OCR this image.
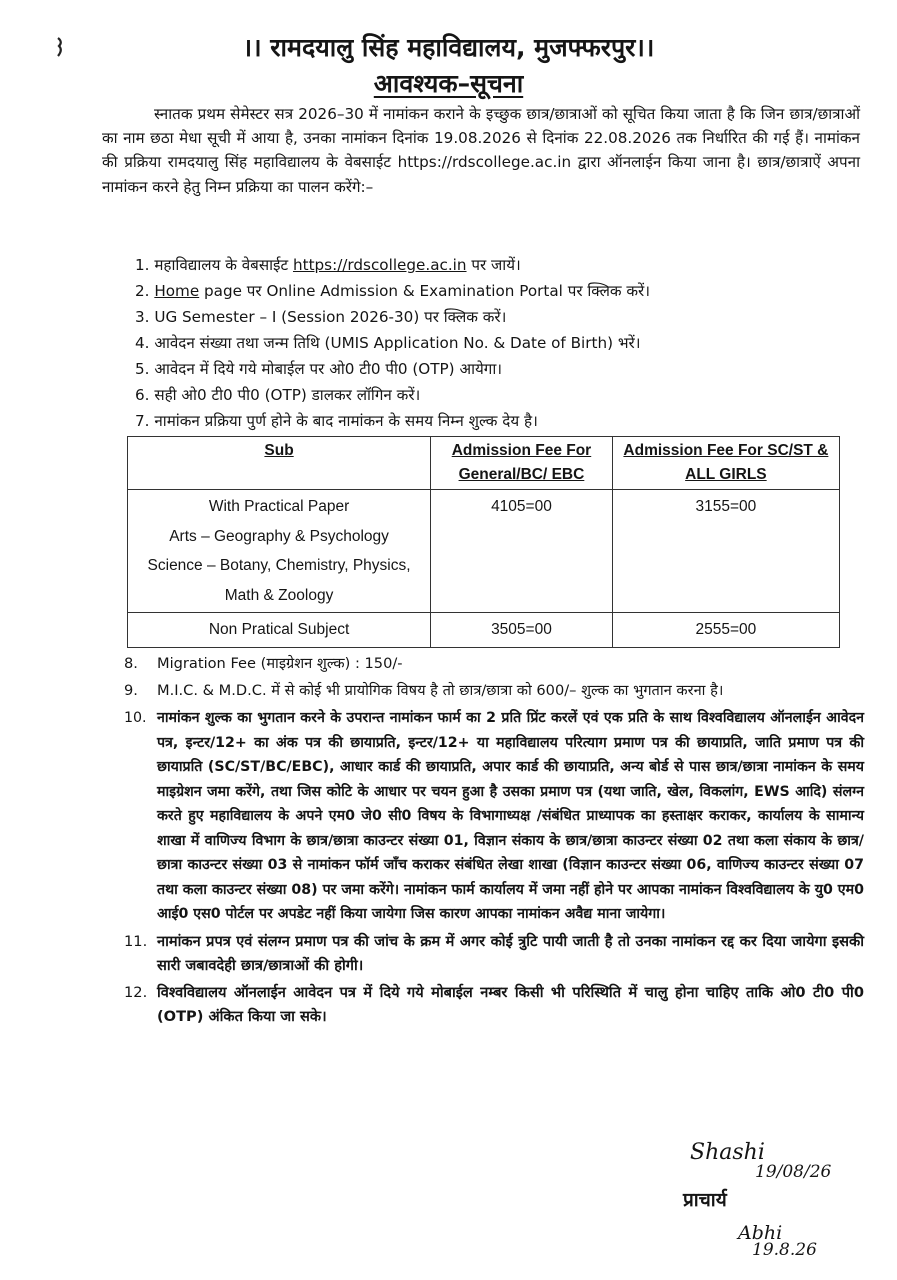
।। रामदयालु सिंह महाविद्यालय, मुजफ्फरपुर।।
आवश्यक–सूचना
स्नातक प्रथम सेमेस्टर सत्र 2026–30 में नामांकन कराने के इच्छुक छात्र/छात्राओं को सूचित किया जाता है कि जिन छात्र/छात्राओं का नाम छठा मेधा सूची में आया है, उनका नामांकन दिनांक 19.08.2026 से दिनांक 22.08.2026 तक निर्धारित की गई हैं। नामांकन की प्रक्रिया रामदयालु सिंह महाविद्यालय के वेबसाईट https://rdscollege.ac.in द्वारा ऑनलाईन किया जाना है। छात्र/छात्राऐं अपना नामांकन करने हेतु निम्न प्रक्रिया का पालन करेंगे:–
1. महाविद्यालय के वेबसाईट https://rdscollege.ac.in पर जायें।
2. Home page पर Online Admission & Examination Portal पर क्लिक करें।
3. UG Semester – I (Session 2026-30) पर क्लिक करें।
4. आवेदन संख्या तथा जन्म तिथि (UMIS Application No. & Date of Birth) भरें।
5. आवेदन में दिये गये मोबाईल पर ओ0 टी0 पी0 (OTP) आयेगा।
6. सही ओ0 टी0 पी0 (OTP) डालकर लॉगिन करें।
7. नामांकन प्रक्रिया पुर्ण होने के बाद नामांकन के समय निम्न शुल्क देय है।
Sub	Admission Fee For General/BC/ EBC	Admission Fee For SC/ST & ALL GIRLS

With Practical Paper
Arts – Geography & Psychology
Science – Botany, Chemistry, Physics,
Math & Zoology	4105=00	3155=00

Non Pratical Subject	3505=00	2555=00
8. Migration Fee (माइग्रेशन शुल्क) : 150/-
9. M.I.C. & M.D.C. में से कोई भी प्रायोगिक विषय है तो छात्र/छात्रा को 600/– शुल्क का भुगतान करना है।
10. नामांकन शुल्क का भुगतान करने के उपरान्त नामांकन फार्म का 2 प्रति प्रिंट करलें एवं एक प्रति के साथ विश्वविद्यालय ऑनलाईन आवेदन पत्र, इन्टर/12+ का अंक पत्र की छायाप्रति, इन्टर/12+ या महाविद्यालय परित्याग प्रमाण पत्र की छायाप्रति, जाति प्रमाण पत्र की छायाप्रति (SC/ST/BC/EBC), आधार कार्ड की छायाप्रति, अपार कार्ड की छायाप्रति, अन्य बोर्ड से पास छात्र/छात्रा नामांकन के समय माइग्रेशन जमा करेंगे, तथा जिस कोटि के आधार पर चयन हुआ है उसका प्रमाण पत्र (यथा जाति, खेल, विकलांग, EWS आदि) संलग्न करते हुए महाविद्यालय के अपने एम0 जे0 सी0 विषय के विभागाध्यक्ष /संबंधित प्राध्यापक का हस्ताक्षर कराकर, कार्यालय के सामान्य शाखा में वाणिज्य विभाग के छात्र/छात्रा काउन्टर संख्या 01, विज्ञान संकाय के छात्र/छात्रा काउन्टर संख्या 02 तथा कला संकाय के छात्र/छात्रा काउन्टर संख्या 03 से नामांकन फॉर्म जाँच कराकर संबंधित लेखा शाखा (विज्ञान काउन्टर संख्या 06, वाणिज्य काउन्टर संख्या 07 तथा कला काउन्टर संख्या 08) पर जमा करेंगे। नामांकन फार्म कार्यालय में जमा नहीं होने पर आपका नामांकन विश्वविद्यालय के यु0 एम0 आई0 एस0 पोर्टल पर अपडेट नहीं किया जायेगा जिस कारण आपका नामांकन अवैद्य माना जायेगा।
11. नामांकन प्रपत्र एवं संलग्न प्रमाण पत्र की जांच के क्रम में अगर कोई त्रुटि पायी जाती है तो उनका नामांकन रद्द कर दिया जायेगा इसकी सारी जबावदेही छात्र/छात्राओं की होगी।
12. विश्वविद्यालय ऑनलाईन आवेदन पत्र में दिये गये मोबाईल नम्बर किसी भी परिस्थिति में चालु होना चाहिए ताकि ओ0 टी0 पी0 (OTP) अंकित किया जा सके।
Shashi
19/08/26
प्राचार्य
Abhi
19.8.26
